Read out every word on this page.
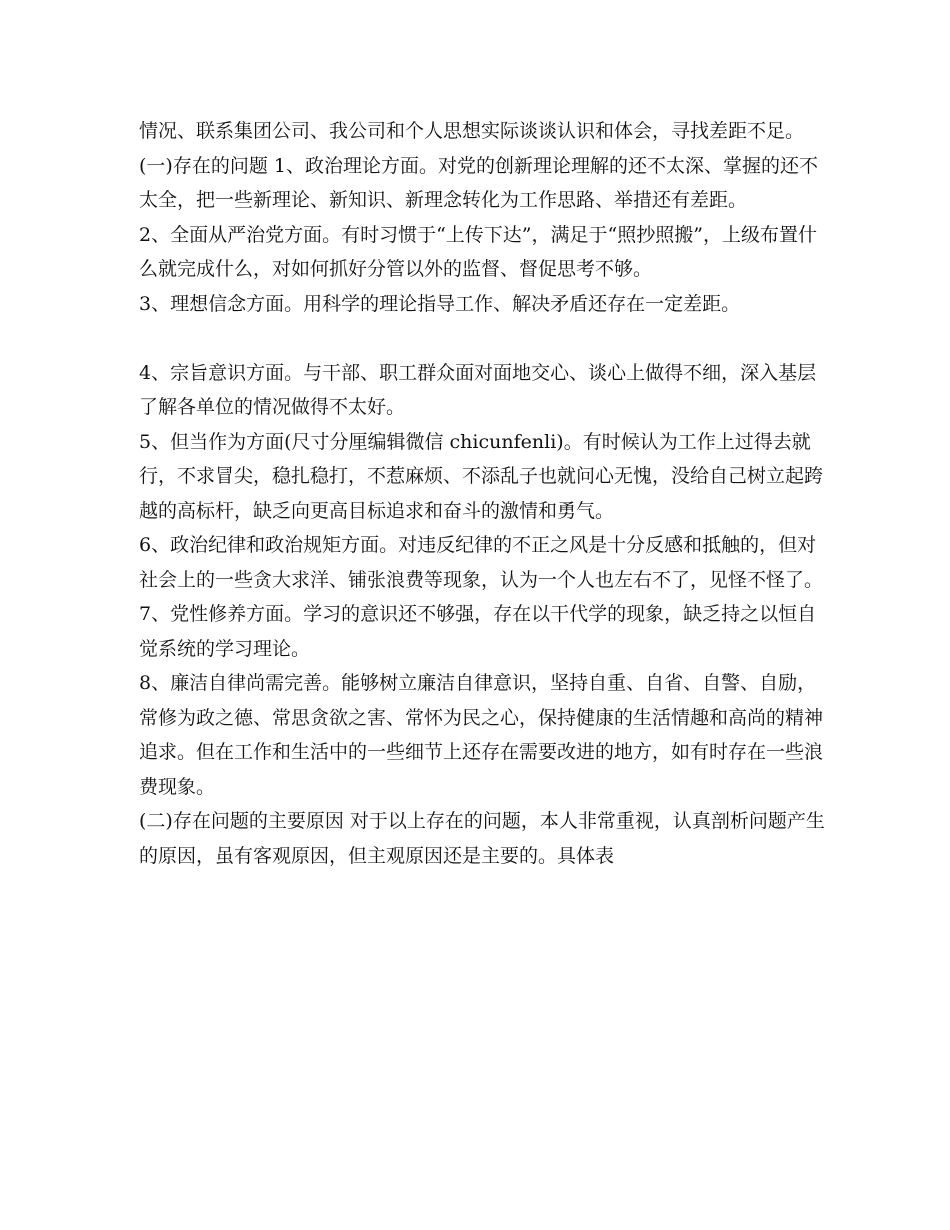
情况、联系集团公司、我公司和个人思想实际谈谈认识和体会，寻找差距不足。

(一)存在的问题 1、政治理论方面。对党的创新理论理解的还不太深、掌握的还不太全，把一些新理论、新知识、新理念转化为工作思路、举措还有差距。

2、全面从严治党方面。有时习惯于“上传下达”，满足于“照抄照搬”，上级布置什么就完成什么，对如何抓好分管以外的监督、督促思考不够。

3、理想信念方面。用科学的理论指导工作、解决矛盾还存在一定差距。

4、宗旨意识方面。与干部、职工群众面对面地交心、谈心上做得不细，深入基层了解各单位的情况做得不太好。

5、但当作为方面(尺寸分厘编辑微信 chicunfenli)。有时候认为工作上过得去就行，不求冒尖，稳扎稳打，不惹麻烦、不添乱子也就问心无愧，没给自己树立起跨越的高标杆，缺乏向更高目标追求和奋斗的激情和勇气。

6、政治纪律和政治规矩方面。对违反纪律的不正之风是十分反感和抵触的，但对社会上的一些贪大求洋、铺张浪费等现象，认为一个人也左右不了，见怪不怪了。

7、党性修养方面。学习的意识还不够强，存在以干代学的现象，缺乏持之以恒自觉系统的学习理论。

8、廉洁自律尚需完善。能够树立廉洁自律意识，坚持自重、自省、自警、自励，常修为政之德、常思贪欲之害、常怀为民之心，保持健康的生活情趣和高尚的精神追求。但在工作和生活中的一些细节上还存在需要改进的地方，如有时存在一些浪费现象。

(二)存在问题的主要原因 对于以上存在的问题，本人非常重视，认真剖析问题产生的原因，虽有客观原因，但主观原因还是主要的。具体表
